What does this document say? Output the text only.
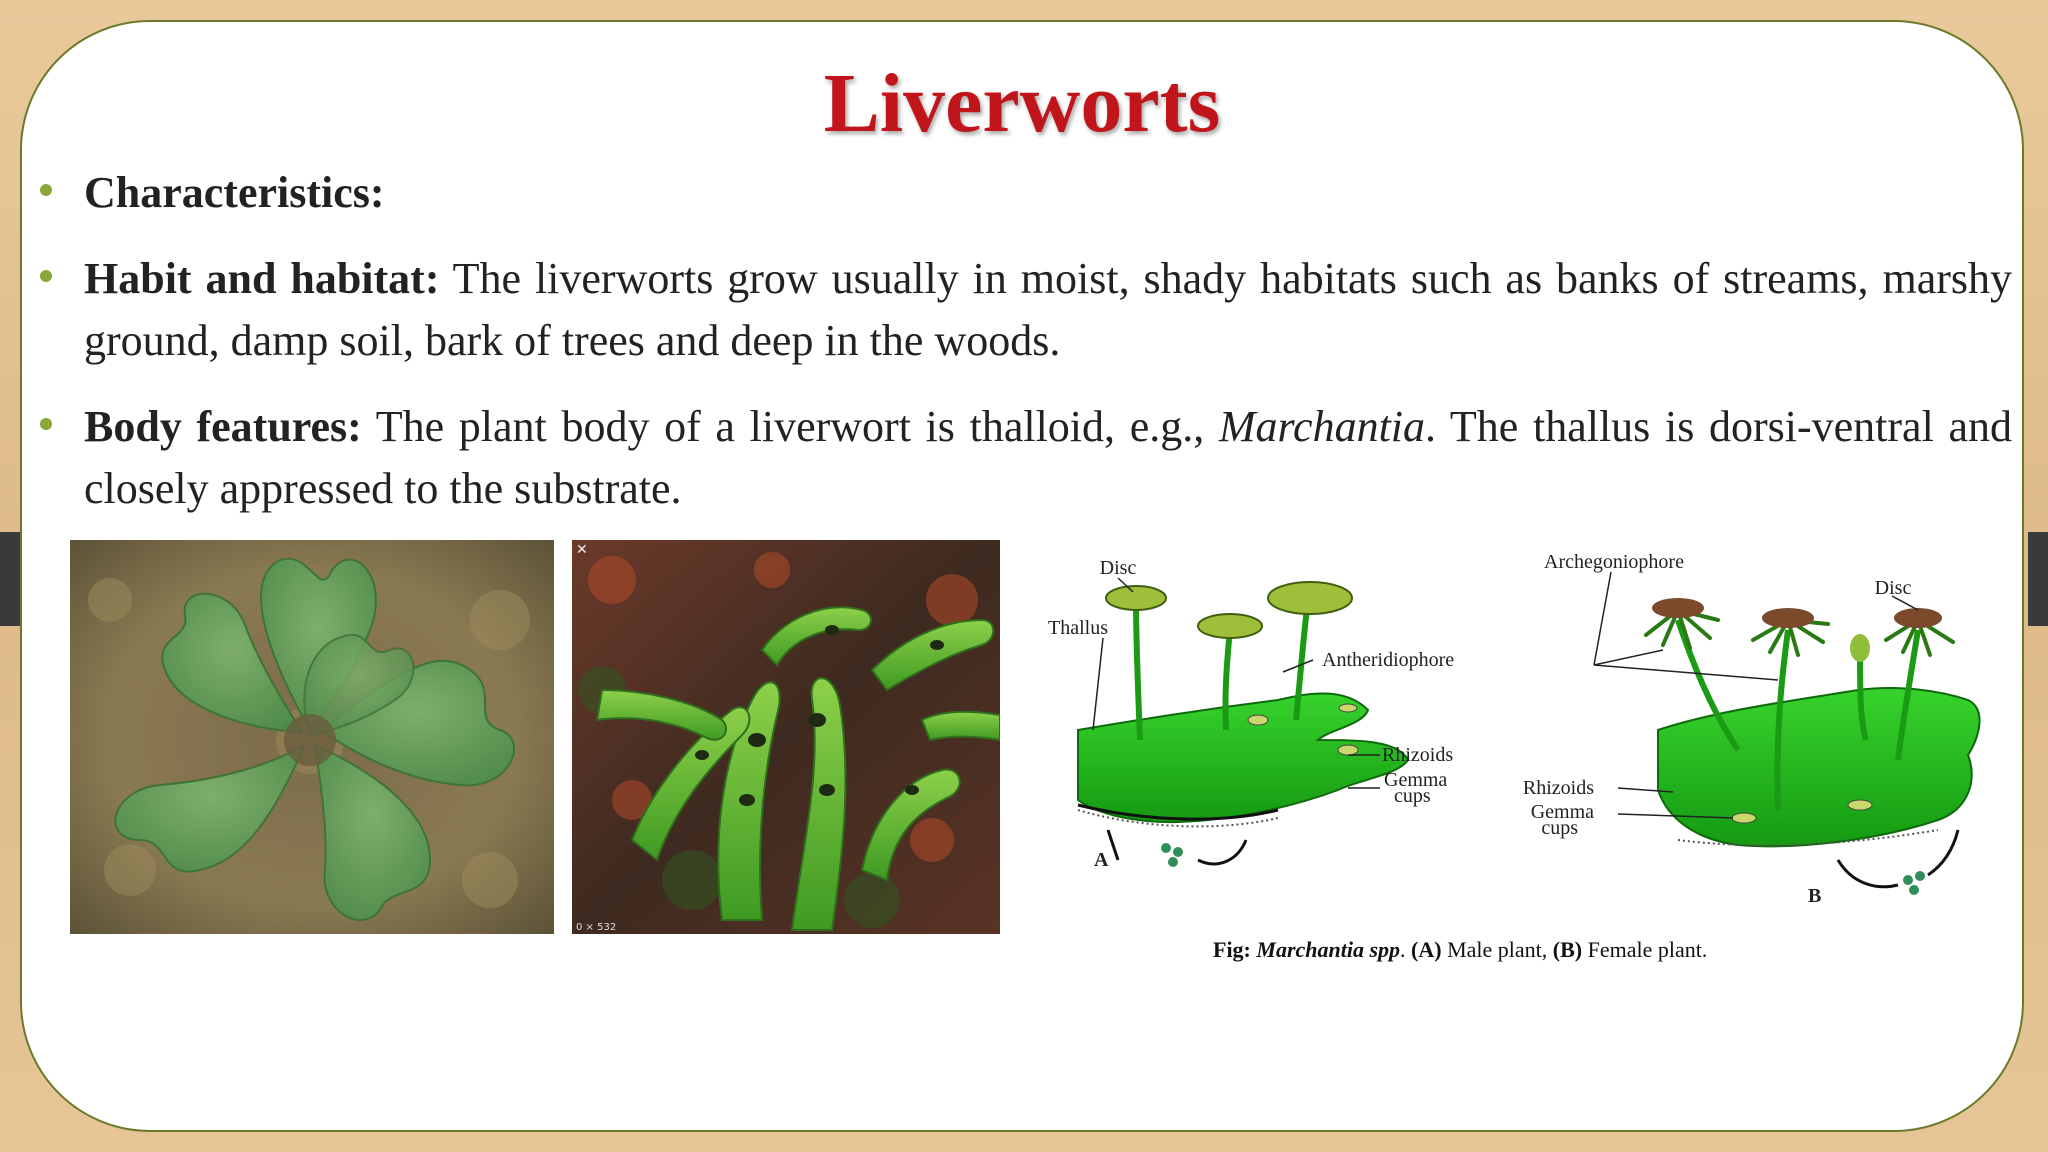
Liverworts
Characteristics:
Habit and habitat: The liverworts grow usually in moist, shady habitats such as banks of streams, marshy ground, damp soil, bark of trees and deep in the woods.
Body features: The plant body of a liverwort is thalloid, e.g., Marchantia. The thallus is dorsi-ventral and closely appressed to the substrate.
0 × 532
✕
Disc
Thallus
Antheridiophore
Rhizoids
Gemma
cups
A
Archegoniophore
Disc
Rhizoids
Gemma
cups
B
Fig: Marchantia spp. (A) Male plant, (B) Female plant.
